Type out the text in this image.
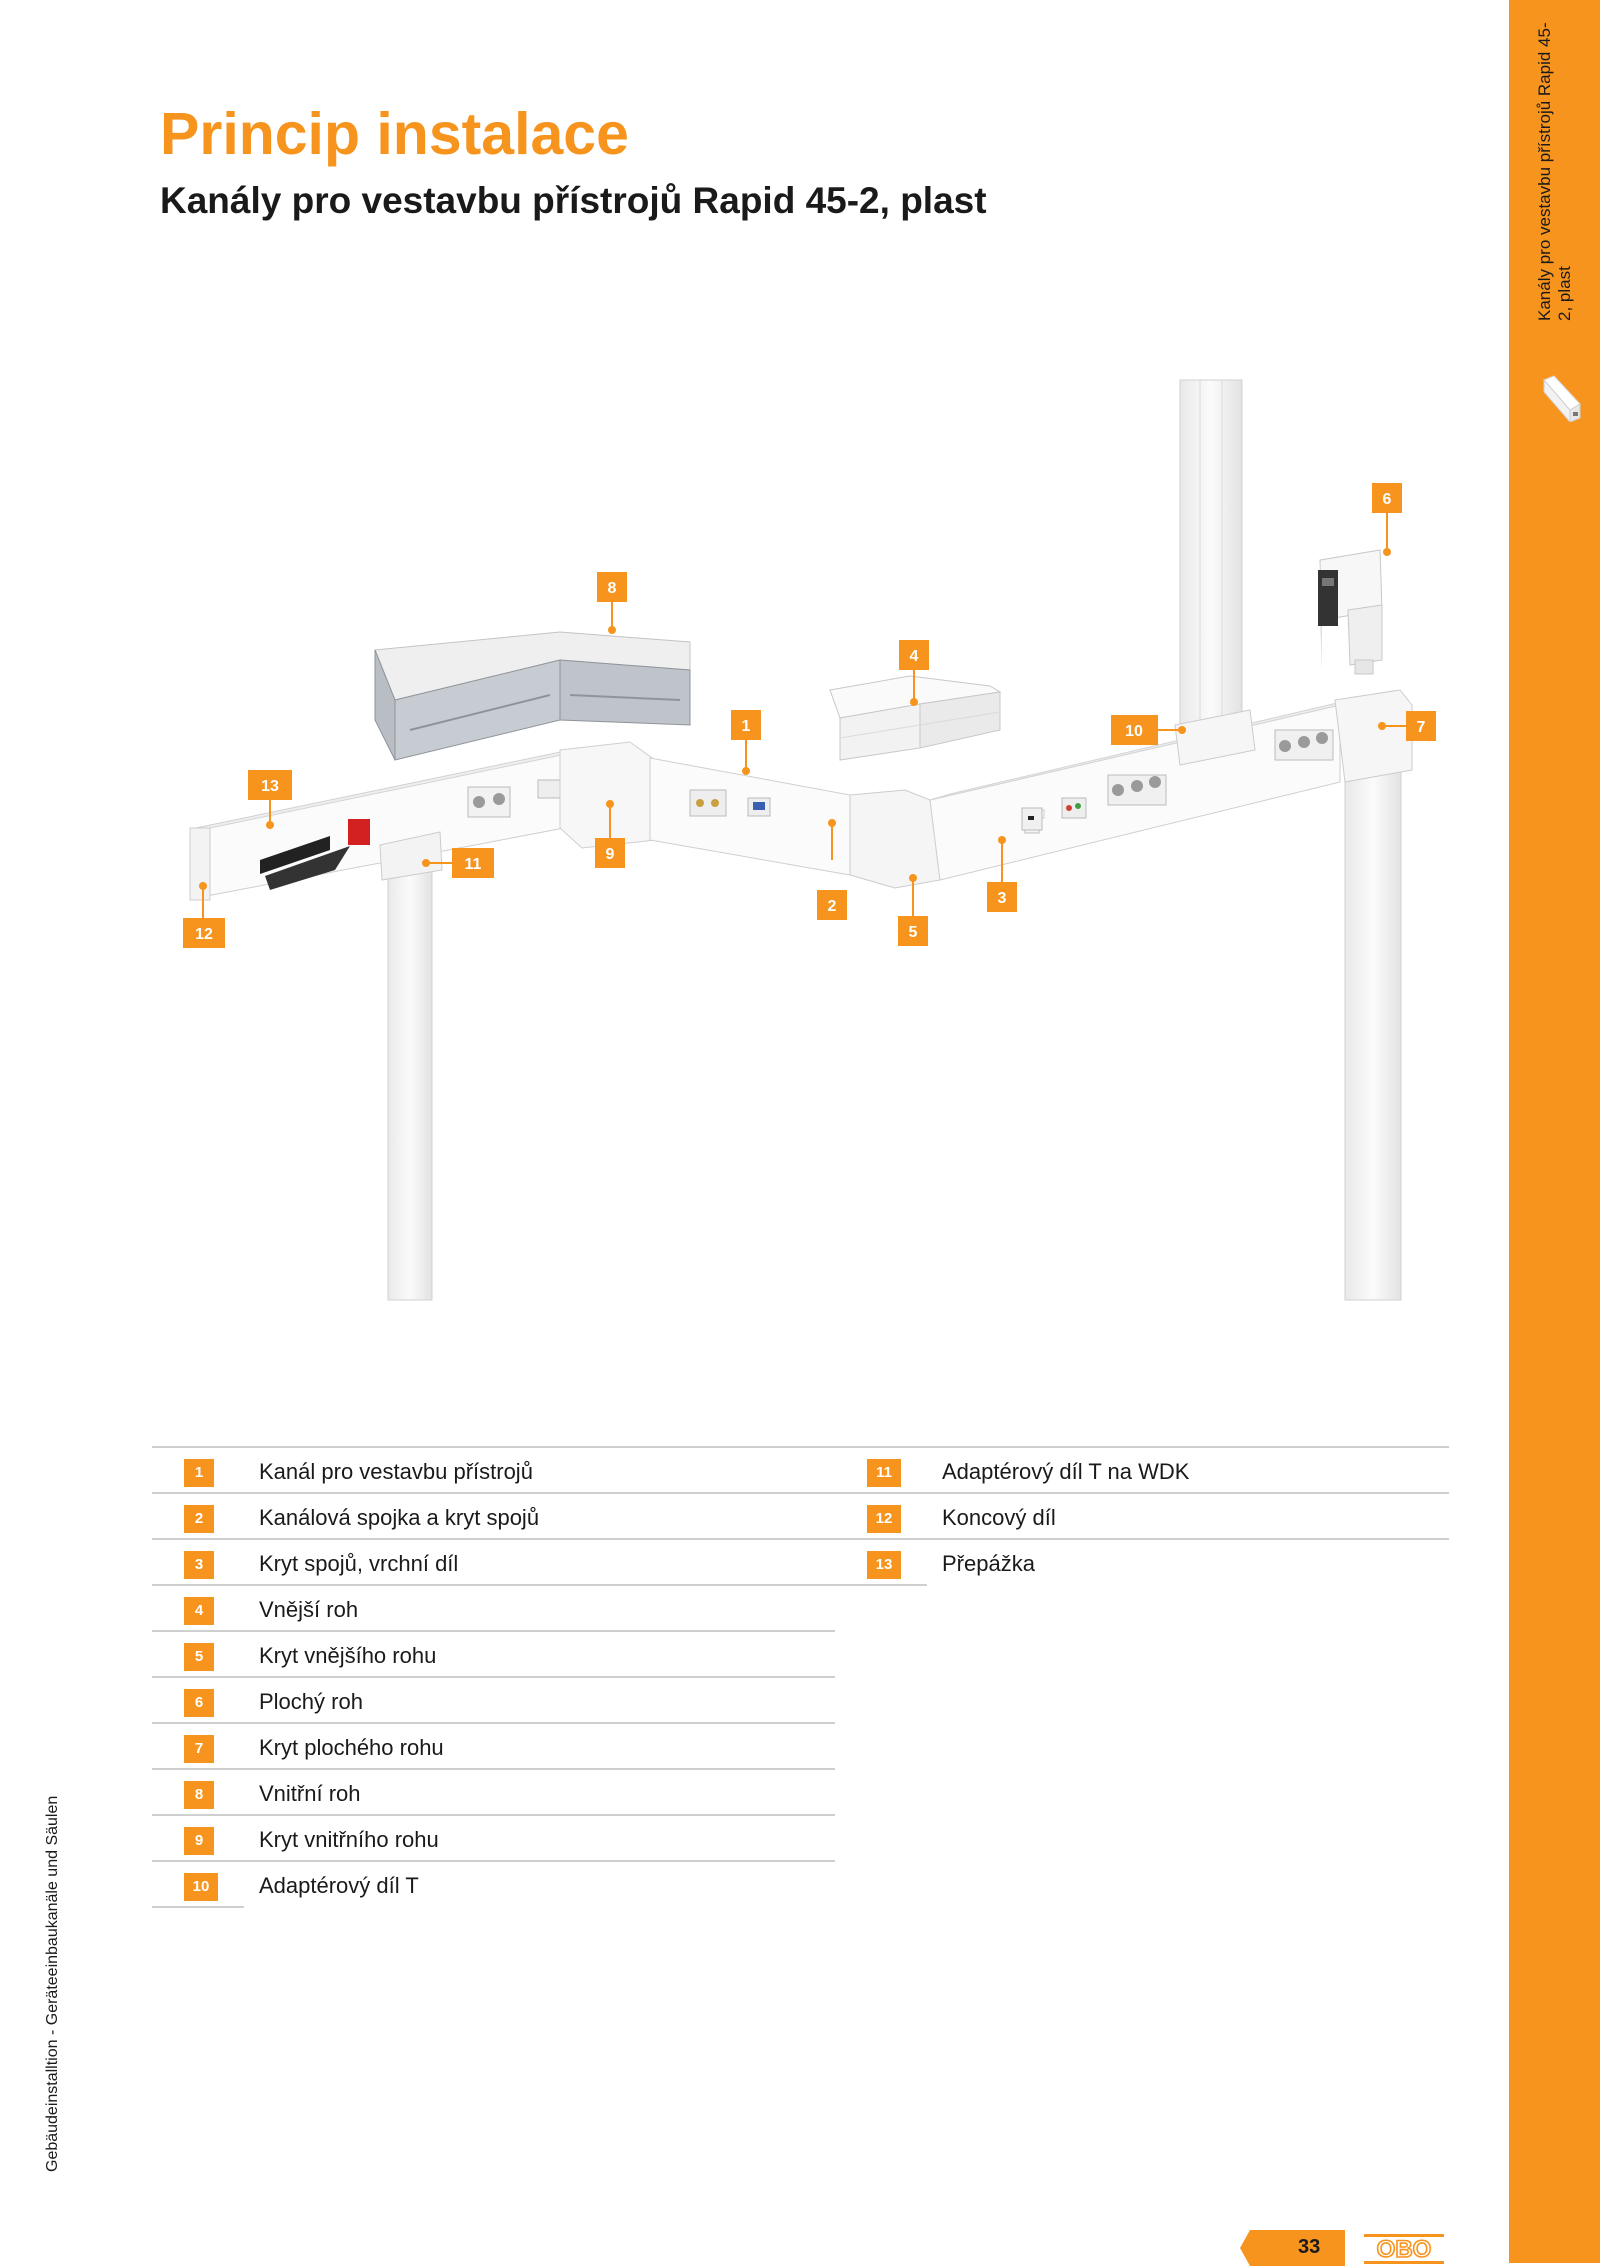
Kanály pro vestavbu přístrojů Rapid 45-2, plast
Princip instalace
Kanály pro vestavbu přístrojů Rapid 45-2, plast
1
2	3
4
5
6
7
8
9
10
11
12
13
1	Kanál pro vestavbu přístrojů
2	Kanálová spojka a kryt spojů
3	Kryt spojů, vrchní díl
4	Vnější roh
5	Kryt vnějšího rohu
6	Plochý roh
7	Kryt plochého rohu
8	Vnitřní roh
9	Kryt vnitřního rohu
10	Adaptérový díl T
11	Adaptérový díl T na WDK
12	Koncový díl
13	Přepážka
Gebäudeinstalltion - Geräteeinbaukanäle und Säulen
33 OBO
